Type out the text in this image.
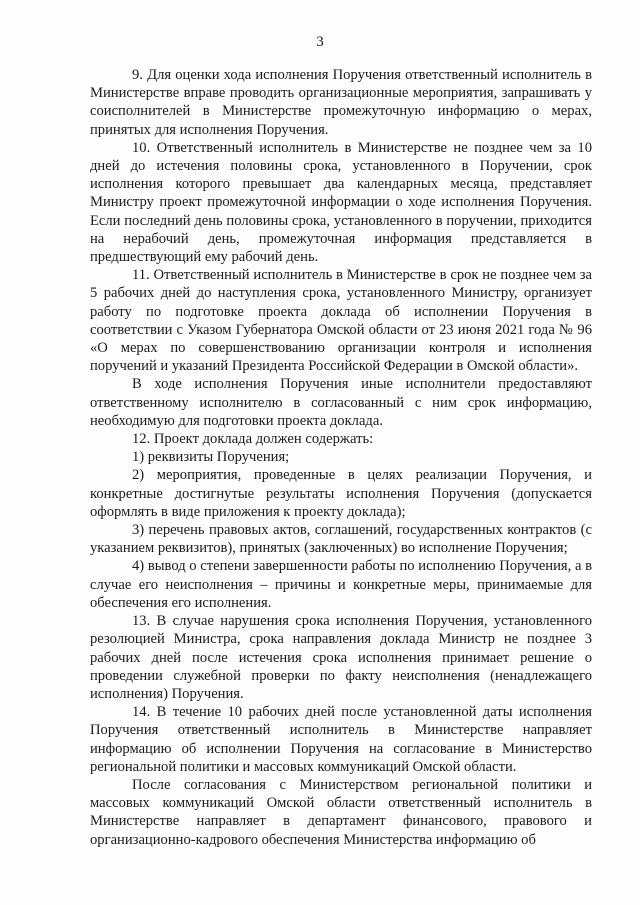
3

9. Для оценки хода исполнения Поручения ответственный исполнитель в Министерстве вправе проводить организационные мероприятия, запрашивать у соисполнителей в Министерстве промежуточную информацию о мерах, принятых для исполнения Поручения.

10. Ответственный исполнитель в Министерстве не позднее чем за 10 дней до истечения половины срока, установленного в Поручении, срок исполнения которого превышает два календарных месяца, представляет Министру проект промежуточной информации о ходе исполнения Поручения. Если последний день половины срока, установленного в поручении, приходится на нерабочий день, промежуточная информация представляется в предшествующий ему рабочий день.

11. Ответственный исполнитель в Министерстве в срок не позднее чем за 5 рабочих дней до наступления срока, установленного Министру, организует работу по подготовке проекта доклада об исполнении Поручения в соответствии с Указом Губернатора Омской области от 23 июня 2021 года № 96 «О мерах по совершенствованию организации контроля и исполнения поручений и указаний Президента Российской Федерации в Омской области».

В ходе исполнения Поручения иные исполнители предоставляют ответственному исполнителю в согласованный с ним срок информацию, необходимую для подготовки проекта доклада.

12. Проект доклада должен содержать:

1) реквизиты Поручения;

2) мероприятия, проведенные в целях реализации Поручения, и конкретные достигнутые результаты исполнения Поручения (допускается оформлять в виде приложения к проекту доклада);

3) перечень правовых актов, соглашений, государственных контрактов (с указанием реквизитов), принятых (заключенных) во исполнение Поручения;

4) вывод о степени завершенности работы по исполнению Поручения, а в случае его неисполнения – причины и конкретные меры, принимаемые для обеспечения его исполнения.

13. В случае нарушения срока исполнения Поручения, установленного резолюцией Министра, срока направления доклада Министр не позднее 3 рабочих дней после истечения срока исполнения принимает решение о проведении служебной проверки по факту неисполнения (ненадлежащего исполнения) Поручения.

14. В течение 10 рабочих дней после установленной даты исполнения Поручения ответственный исполнитель в Министерстве направляет информацию об исполнении Поручения на согласование в Министерство региональной политики и массовых коммуникаций Омской области.

После согласования с Министерством региональной политики и массовых коммуникаций Омской области ответственный исполнитель в Министерстве направляет в департамент финансового, правового и организационно-кадрового обеспечения Министерства информацию об
